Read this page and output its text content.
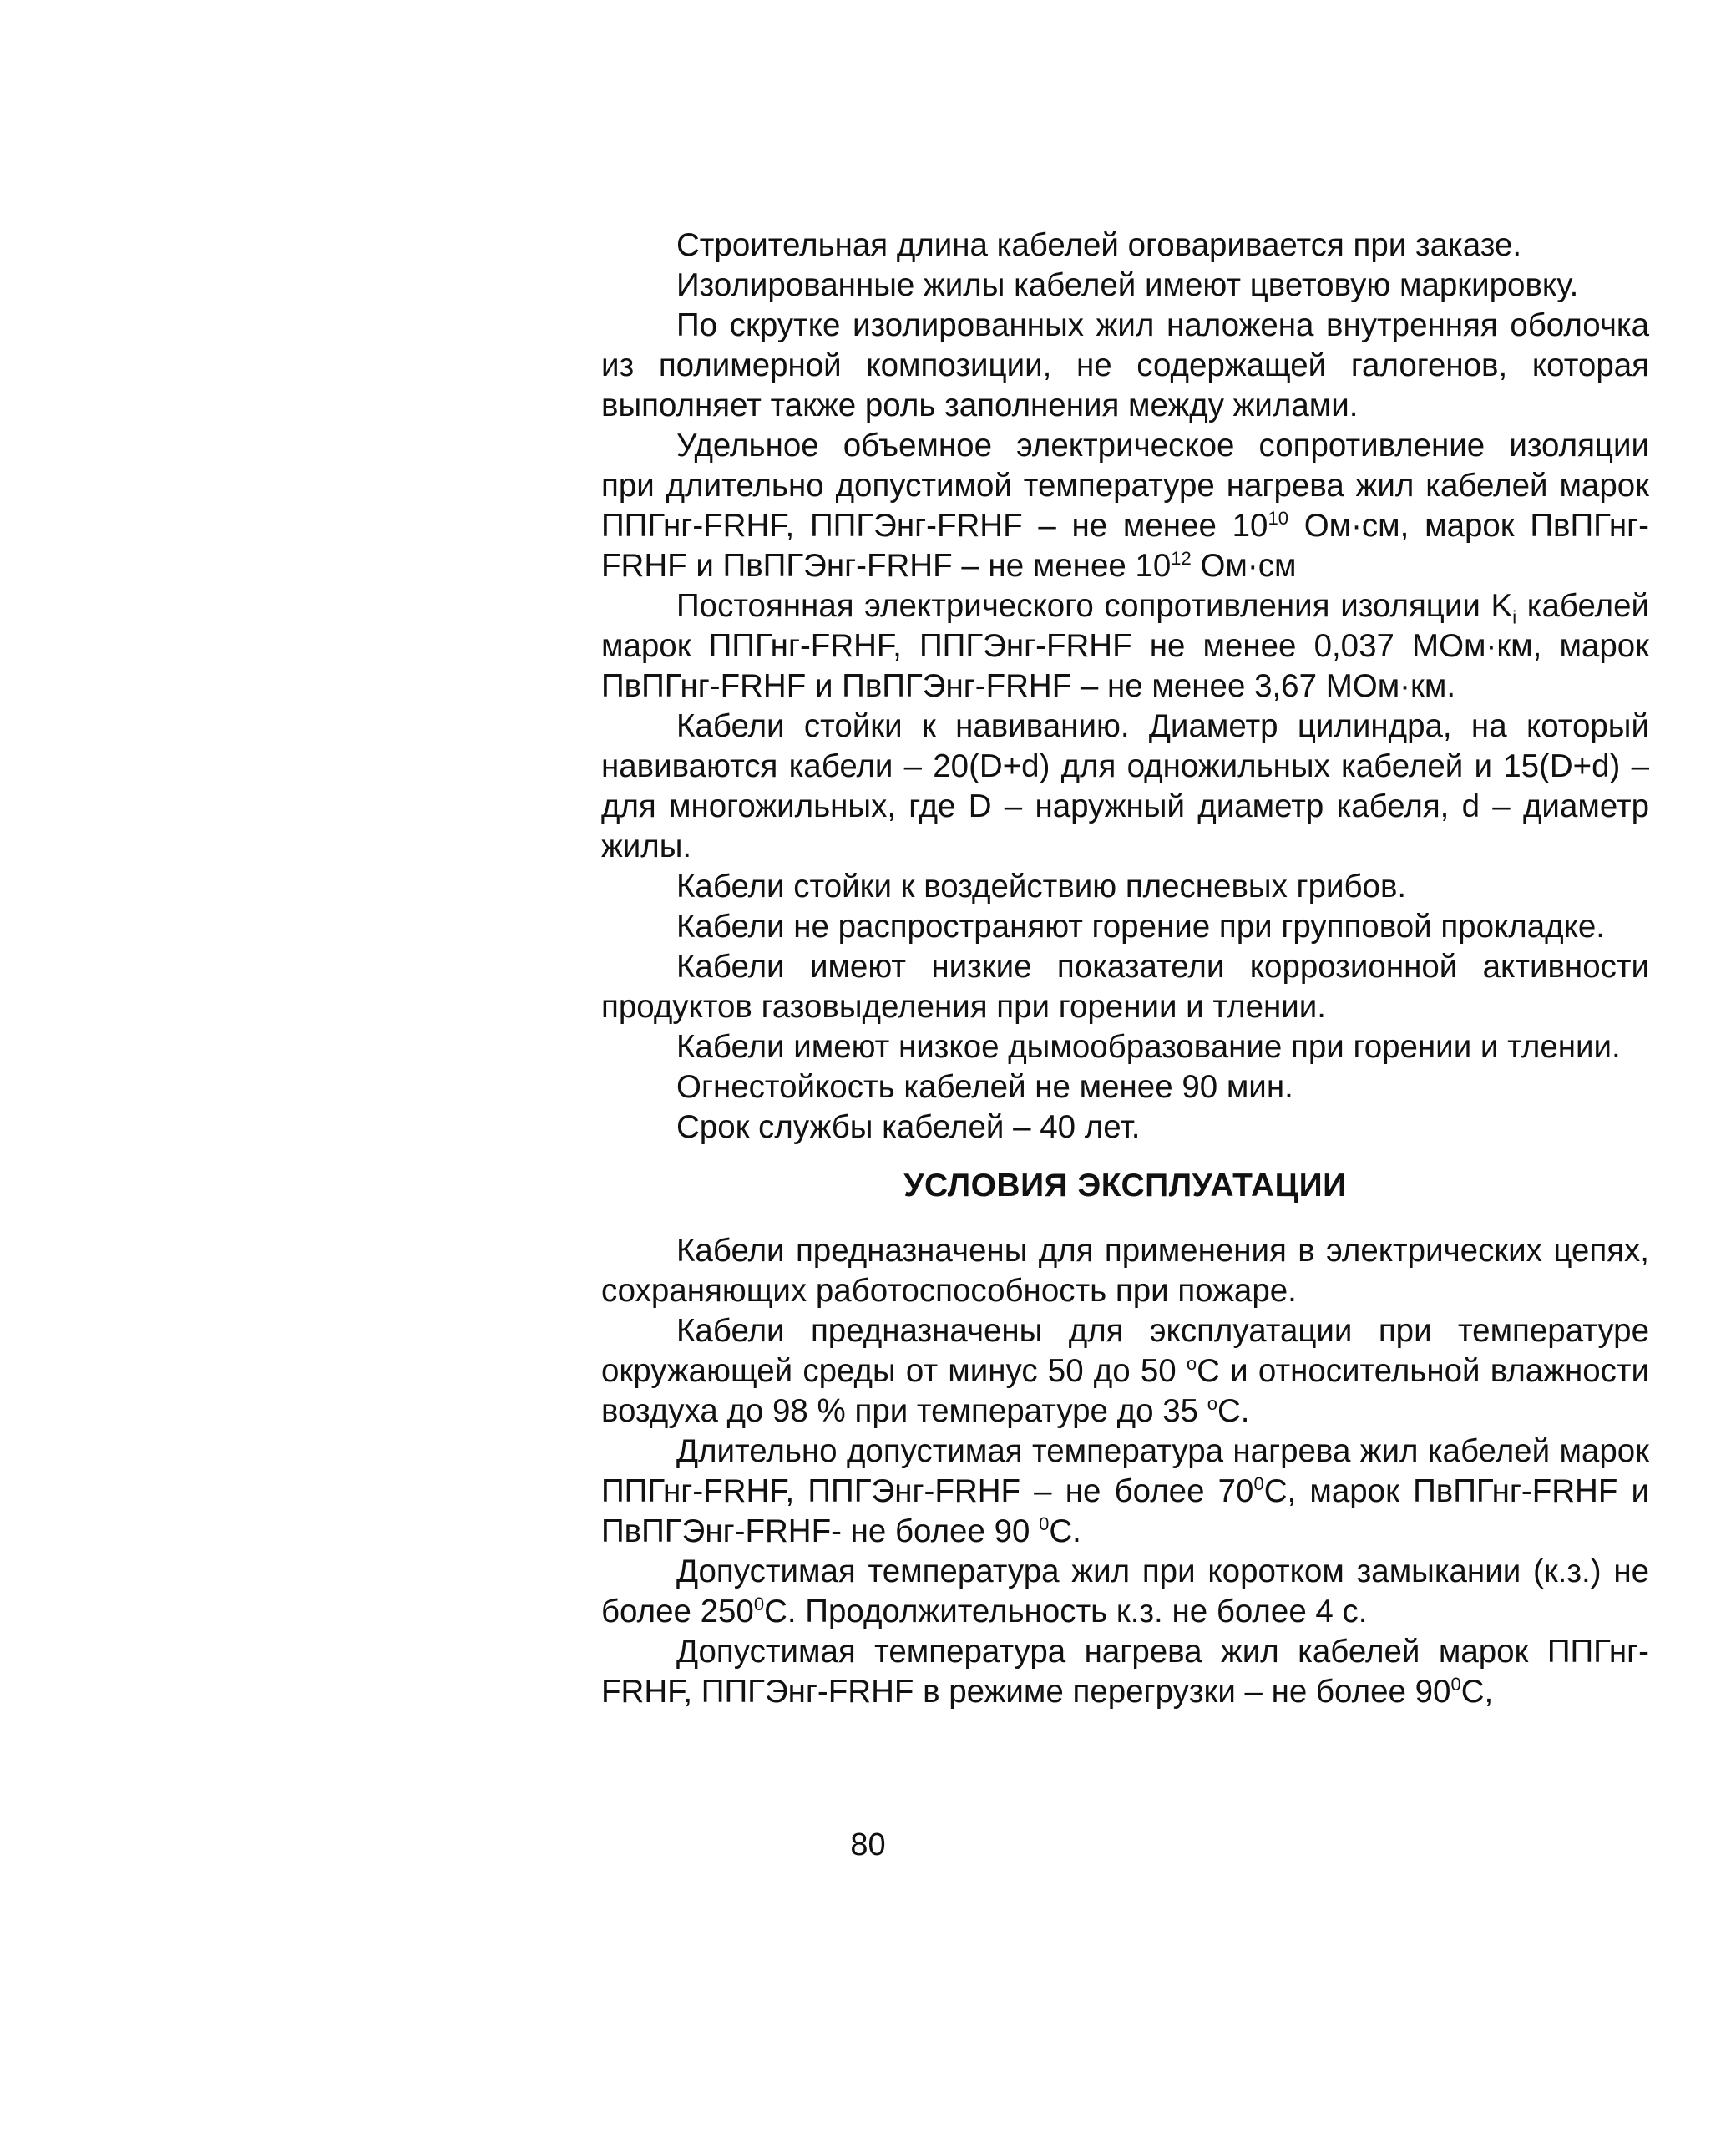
Строительная длина кабелей оговаривается при заказе.

Изолированные жилы кабелей имеют цветовую маркировку.

По скрутке изолированных жил наложена внутренняя оболочка из полимерной композиции, не содержащей галогенов, которая выполняет также роль заполнения между жилами.

Удельное объемное электрическое сопротивление изоляции при длительно допустимой температуре нагрева жил кабелей марок ППГнг-FRHF, ППГЭнг-FRHF – не менее $10^{10}$ Ом·см, марок ПвПГнг-FRHF и ПвПГЭнг-FRHF – не менее $10^{12}$ Ом·см

Постоянная электрического сопротивления изоляции $K_i$ кабелей марок ППГнг-FRHF, ППГЭнг-FRHF не менее 0,037 МОм·км, марок ПвПГнг-FRHF и ПвПГЭнг-FRHF – не менее 3,67 МОм·км.

Кабели стойки к навиванию. Диаметр цилиндра, на который навиваются кабели – 20(D+d) для одножильных кабелей и 15(D+d) – для многожильных, где D – наружный диаметр кабеля, d – диаметр жилы.

Кабели стойки к воздействию плесневых грибов.

Кабели не распространяют горение при групповой прокладке.

Кабели имеют низкие показатели коррозионной активности продуктов газовыделения при горении и тлении.

Кабели имеют низкое дымообразование при горении и тлении.

Огнестойкость кабелей не менее 90 мин.

Срок службы кабелей – 40 лет.

УСЛОВИЯ ЭКСПЛУАТАЦИИ

Кабели предназначены для применения в электрических цепях, сохраняющих работоспособность при пожаре.

Кабели предназначены для эксплуатации при температуре окружающей среды от минус 50 до 50 $^o$С и относительной влажности воздуха до 98 % при температуре до 35 $^o$С.

Длительно допустимая температура нагрева жил кабелей марок ППГнг-FRHF, ППГЭнг-FRHF – не более $70^0С$, марок ПвПГнг-FRHF и ПвПГЭнг-FRHF- не более 90 $^0$С.

Допустимая температура жил при коротком замыкании (к.з.) не более $250^0С$. Продолжительность к.з. не более 4 с.

Допустимая температура нагрева жил кабелей марок ППГнг-FRHF, ППГЭнг-FRHF в режиме перегрузки – не более $90^0С$,

80
